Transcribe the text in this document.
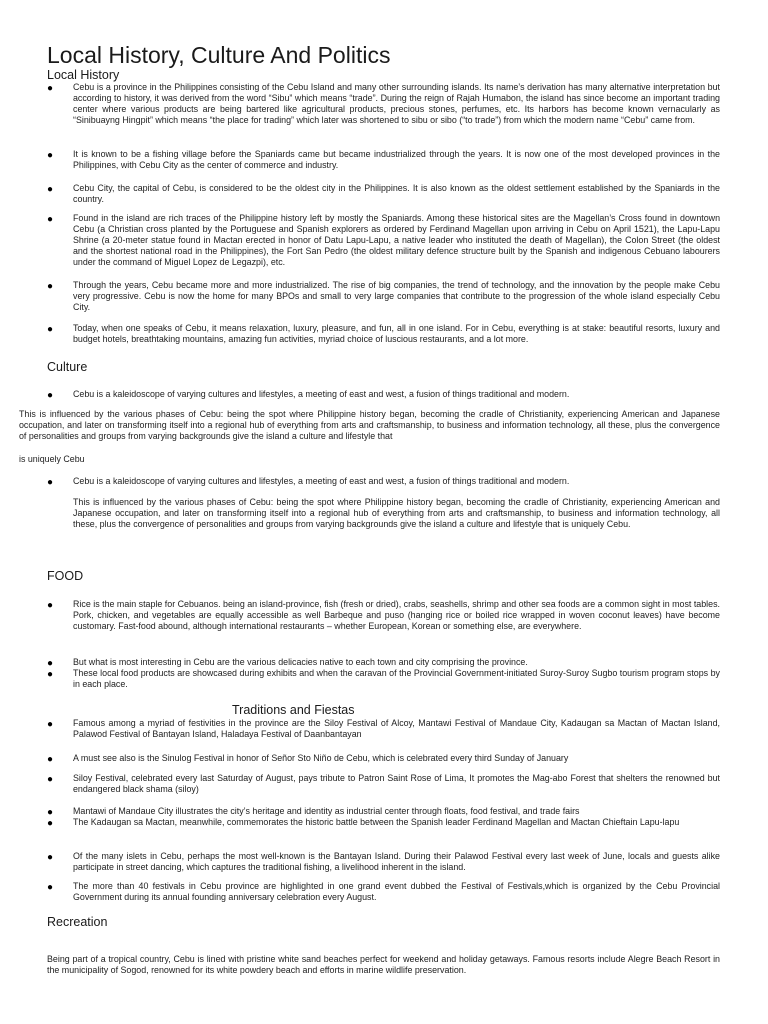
Local History, Culture And Politics
Local History
● Cebu is a province in the Philippines consisting of the Cebu Island and many other surrounding islands. Its name’s derivation has many alternative interpretation but according to history, it was derived from the word “Sibu” which means “trade”. During the reign of Rajah Humabon, the island has since become an important trading center where various products are being bartered like agricultural products, precious stones, perfumes, etc. Its harbors has become known vernacularly as “Sinibuayng Hingpit” which means “the place for trading” which later was shortened to sibu or sibo (“to trade”) from which the modern name “Cebu” came from.
● It is known to be a fishing village before the Spaniards came but became industrialized through the years. It is now one of the most developed provinces in the Philippines, with Cebu City as the center of commerce and industry.
● Cebu City, the capital of Cebu, is considered to be the oldest city in the Philippines. It is also known as the oldest settlement established by the Spaniards in the country.
● Found in the island are rich traces of the Philippine history left by mostly the Spaniards. Among these historical sites are the Magellan’s Cross found in downtown Cebu (a Christian cross planted by the Portuguese and Spanish explorers as ordered by Ferdinand Magellan upon arriving in Cebu on April 1521), the Lapu-Lapu Shrine (a 20-meter statue found in Mactan erected in honor of Datu Lapu-Lapu, a native leader who instituted the death of Magellan), the Colon Street (the oldest and the shortest national road in the Philippines), the Fort San Pedro (the oldest military defence structure built by the Spanish and indigenous Cebuano labourers under the command of Miguel Lopez de Legazpi), etc.
● Through the years, Cebu became more and more industrialized. The rise of big companies, the trend of technology, and the innovation by the people make Cebu very progressive. Cebu is now the home for many BPOs and small to very large companies that contribute to the progression of the whole island especially Cebu City.
● Today, when one speaks of Cebu, it means relaxation, luxury, pleasure, and fun, all in one island. For in Cebu, everything is at stake: beautiful resorts, luxury and budget hotels, breathtaking mountains, amazing fun activities, myriad choice of luscious restaurants, and a lot more.
Culture
● Cebu is a kaleidoscope of varying cultures and lifestyles, a meeting of east and west, a fusion of things traditional and modern.
This is influenced by the various phases of Cebu: being the spot where Philippine history began, becoming the cradle of Christianity, experiencing American and Japanese occupation, and later on transforming itself into a regional hub of everything from arts and craftsmanship, to business and information technology, all these, plus the convergence of personalities and groups from varying backgrounds give the island a culture and lifestyle that
is uniquely Cebu
● Cebu is a kaleidoscope of varying cultures and lifestyles, a meeting of east and west, a fusion of things traditional and modern.
This is influenced by the various phases of Cebu: being the spot where Philippine history began, becoming the cradle of Christianity, experiencing American and Japanese occupation, and later on transforming itself into a regional hub of everything from arts and craftsmanship, to business and information technology, all these, plus the convergence of personalities and groups from varying backgrounds give the island a culture and lifestyle that is uniquely Cebu.
FOOD
● Rice is the main staple for Cebuanos. being an island-province, fish (fresh or dried), crabs, seashells, shrimp and other sea foods are a common sight in most tables. Pork, chicken, and vegetables are equally accessible as well Barbeque and puso (hanging rice or boiled rice wrapped in woven coconut leaves) have become customary. Fast-food abound, although international restaurants – whether European, Korean or something else, are everywhere.
● But what is most interesting in Cebu are the various delicacies native to each town and city comprising the province.
● These local food products are showcased during exhibits and when the caravan of the Provincial Government-initiated Suroy-Suroy Sugbo tourism program stops by in each place.
Traditions and Fiestas
● Famous among a myriad of festivities in the province are the Siloy Festival of Alcoy, Mantawi Festival of Mandaue City, Kadaugan sa Mactan of Mactan Island, Palawod Festival of Bantayan Island, Haladaya Festival of Daanbantayan
● A must see also is the Sinulog Festival in honor of Señor Sto Niño de Cebu, which is celebrated every third Sunday of January
● Siloy Festival, celebrated every last Saturday of August, pays tribute to Patron Saint Rose of Lima, It promotes the Mag-abo Forest that shelters the renowned but endangered black shama (siloy)
● Mantawi of Mandaue City illustrates the city’s heritage and identity as industrial center through floats, food festival, and trade fairs
● The Kadaugan sa Mactan, meanwhile, commemorates the historic battle between the Spanish leader Ferdinand Magellan and Mactan Chieftain Lapu-lapu
● Of the many islets in Cebu, perhaps the most well-known is the Bantayan Island. During their Palawod Festival every last week of June, locals and guests alike participate in street dancing, which captures the traditional fishing, a livelihood inherent in the island.
● The more than 40 festivals in Cebu province are highlighted in one grand event dubbed the Festival of Festivals,which is organized by the Cebu Provincial Government during its annual founding anniversary celebration every August.
Recreation
Being part of a tropical country, Cebu is lined with pristine white sand beaches perfect for weekend and holiday getaways. Famous resorts include Alegre Beach Resort in the municipality of Sogod, renowned for its white powdery beach and efforts in marine wildlife preservation.
